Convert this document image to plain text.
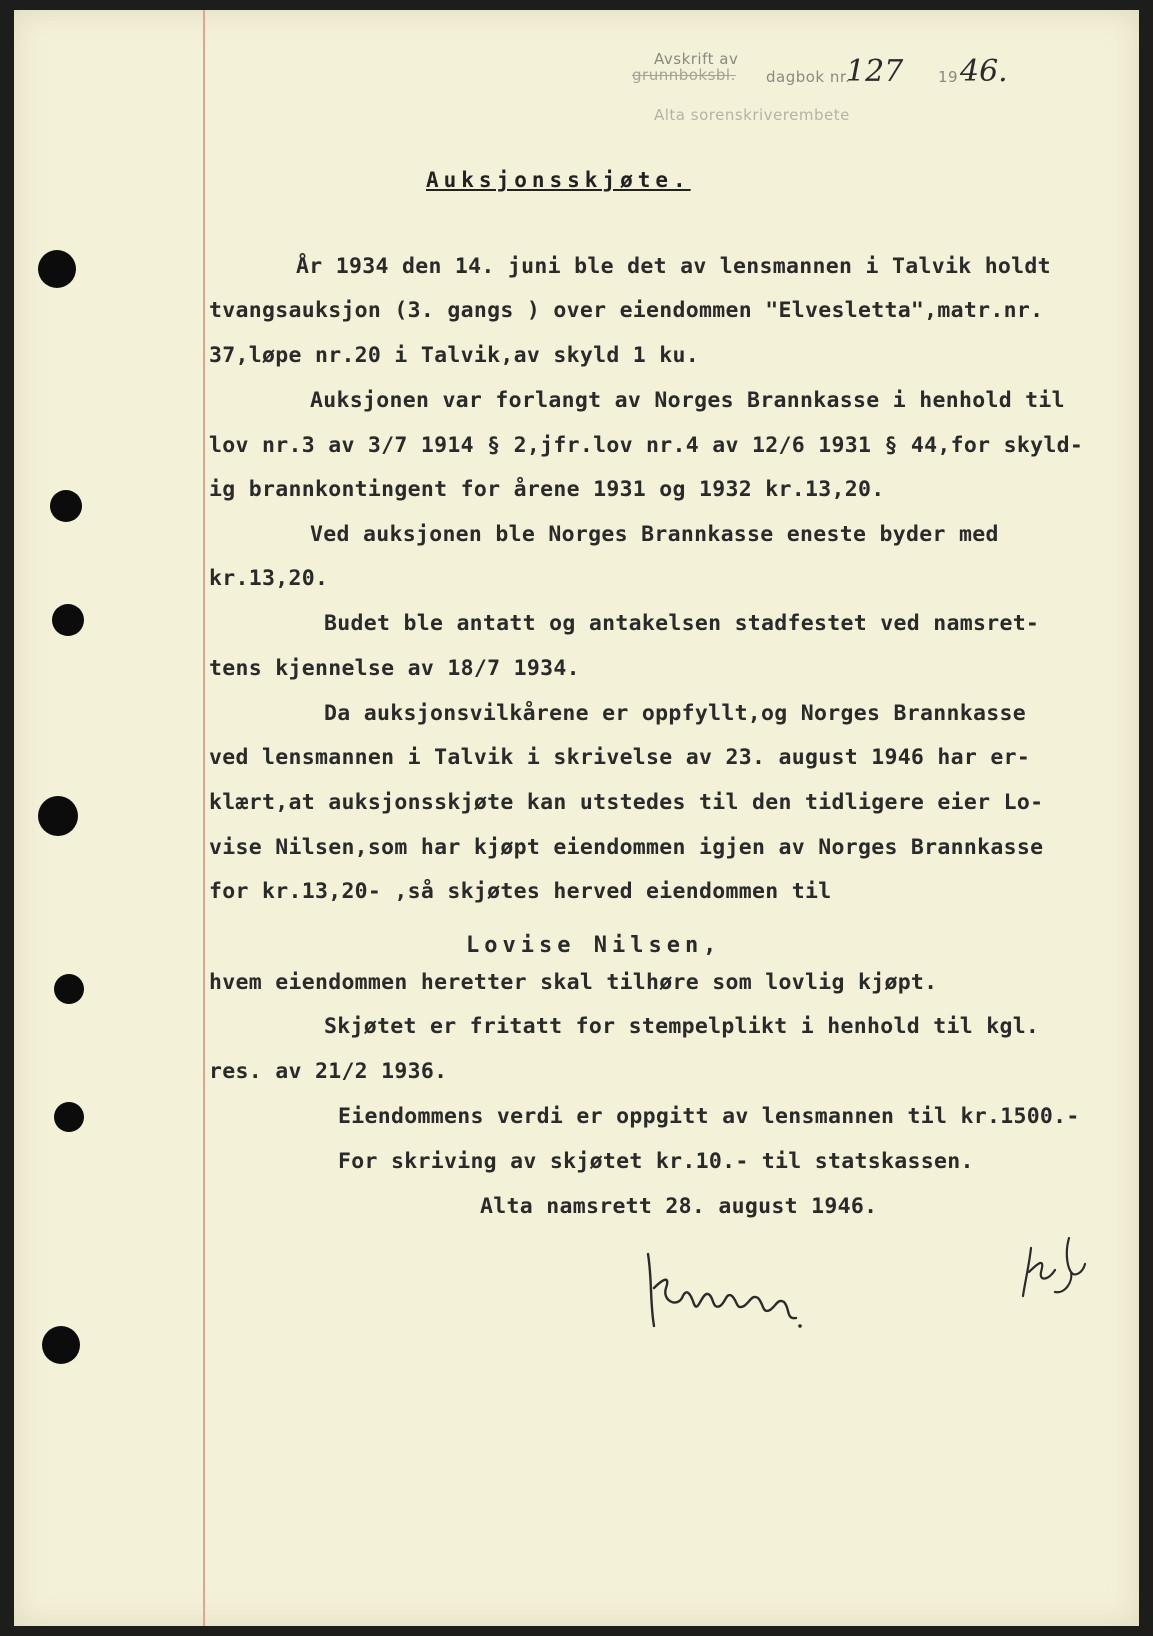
Avskrift av
grunnboksbl. dagbok nr.
127 19 46.
Alta sorenskriverembete
Auksjonsskjøte.
År 1934 den 14. juni ble det av lensmannen i Talvik holdt
tvangsauksjon (3. gangs ) over eiendommen "Elvesletta",matr.nr.
37,løpe nr.20 i Talvik,av skyld 1 ku.
Auksjonen var forlangt av Norges Brannkasse i henhold til
lov nr.3 av 3/7 1914 § 2,jfr.lov nr.4 av 12/6 1931 § 44,for skyld-
ig brannkontingent for årene 1931 og 1932 kr.13,20.
Ved auksjonen ble Norges Brannkasse eneste byder med
kr.13,20.
Budet ble antatt og antakelsen stadfestet ved namsret-
tens kjennelse av 18/7 1934.
Da auksjonsvilkårene er oppfyllt,og Norges Brannkasse
ved lensmannen i Talvik i skrivelse av 23. august 1946 har er-
klært,at auksjonsskjøte kan utstedes til den tidligere eier Lo-
vise Nilsen,som har kjøpt eiendommen igjen av Norges Brannkasse
for kr.13,20- ,så skjøtes herved eiendommen til
Lovise Nilsen,
hvem eiendommen heretter skal tilhøre som lovlig kjøpt.
Skjøtet er fritatt for stempelplikt i henhold til kgl.
res. av 21/2 1936.
Eiendommens verdi er oppgitt av lensmannen til kr.1500.-
For skriving av skjøtet kr.10.- til statskassen.
Alta namsrett 28. august 1946.
